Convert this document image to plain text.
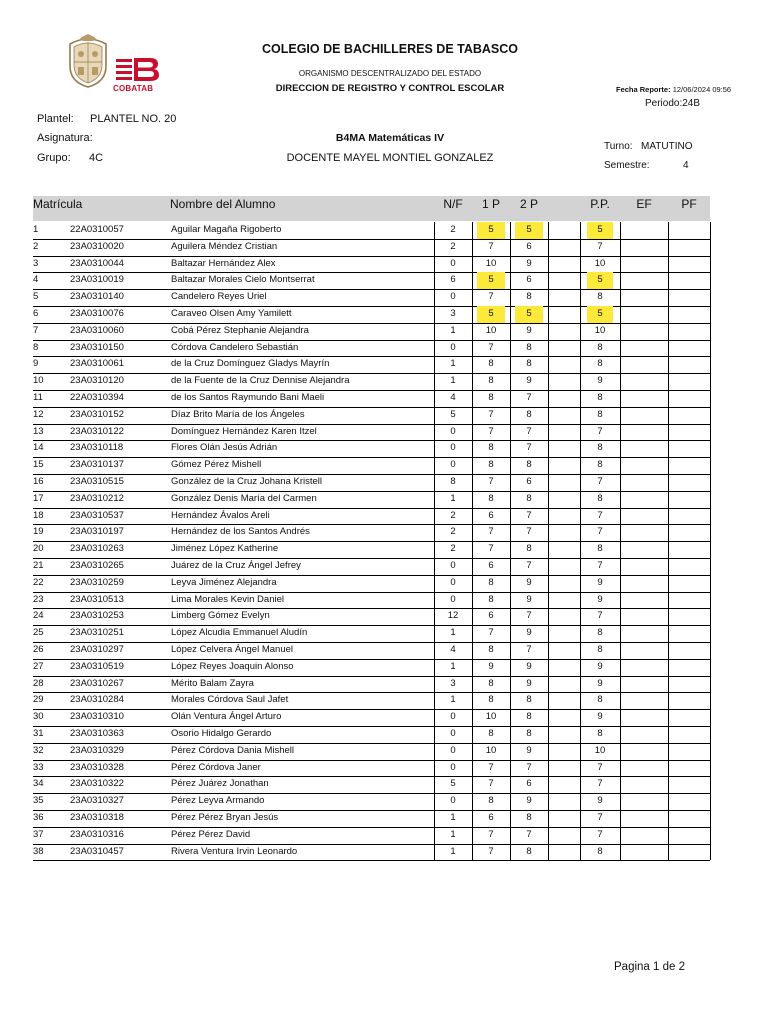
COBATAB
COLEGIO DE BACHILLERES DE TABASCO
ORGANISMO DESCENTRALIZADO DEL ESTADO
DIRECCION DE REGISTRO Y CONTROL ESCOLAR	Fecha Reporte: 12/06/2024 09:56
Periodo:24B
Plantel: PLANTEL NO. 20
Asignatura:	B4MA Matemáticas IV
Grupo: 4C	DOCENTE MAYEL MONTIEL GONZALEZ
Turno: MATUTINO
Semestre:	4
Matrícula	Nombre del Alumno	N/F	1 P	2 P	P.P.	EF	PF
1	22A0310057	Aguilar Magaña Rigoberto	2	5	5	5
2	23A0310020	Aguilera Méndez Cristian	2	7	6	7
3	23A0310044	Baltazar Hernández Alex	0	10	9	10
4	23A0310019	Baltazar Morales Cielo Montserrat	6	5	6	5
5	23A0310140	Candelero Reyes Uriel	0	7	8	8
6	23A0310076	Caraveo Olsen Amy Yamilett	3	5	5	5
7	23A0310060	Cobá Pérez Stephanie Alejandra	1	10	9	10
8	23A0310150	Córdova Candelero Sebastián	0	7	8	8
9	23A0310061	de la Cruz Domínguez Gladys Mayrín	1	8	8	8
10	23A0310120	de la Fuente de la Cruz Dennise Alejandra	1	8	9	9
11	22A0310394	de los Santos Raymundo Bani Maeli	4	8	7	8
12	23A0310152	Díaz Brito María de los Ángeles	5	7	8	8
13	23A0310122	Domínguez Hernández Karen Itzel	0	7	7	7
14	23A0310118	Flores Olán Jesús Adrián	0	8	7	8
15	23A0310137	Gómez Pérez Mishell	0	8	8	8
16	23A0310515	González de la Cruz Johana Kristell	8	7	6	7
17	23A0310212	González Denis María del Carmen	1	8	8	8
18	23A0310537	Hernández Ávalos Areli	2	6	7	7
19	23A0310197	Hernández de los Santos Andrés	2	7	7	7
20	23A0310263	Jiménez López Katherine	2	7	8	8
21	23A0310265	Juárez de la Cruz Ángel Jefrey	0	6	7	7
22	23A0310259	Leyva Jiménez Alejandra	0	8	9	9
23	23A0310513	Lima Morales Kevin Daniel	0	8	9	9
24	23A0310253	Limberg Gómez Evelyn	12	6	7	7
25	23A0310251	López Alcudia Emmanuel Aludín	1	7	9	8
26	23A0310297	López Celvera Ángel Manuel	4	8	7	8
27	23A0310519	López Reyes Joaquin Alonso	1	9	9	9
28	23A0310267	Mérito Balam Zayra	3	8	9	9
29	23A0310284	Morales Córdova Saul Jafet	1	8	8	8
30	23A0310310	Olán Ventura Ángel Arturo	0	10	8	9
31	23A0310363	Osorio Hidalgo Gerardo	0	8	8	8
32	23A0310329	Pérez Córdova Dania Mishell	0	10	9	10
33	23A0310328	Pérez Córdova Janer	0	7	7	7
34	23A0310322	Pérez Juárez Jonathan	5	7	6	7
35	23A0310327	Pérez Leyva Armando	0	8	9	9
36	23A0310318	Pérez Pérez Bryan Jesús	1	6	8	7
37	23A0310316	Pérez Pérez David	1	7	7	7
38	23A0310457	Rivera Ventura Irvin Leonardo	1	7	8	8
Pagina 1 de 2
